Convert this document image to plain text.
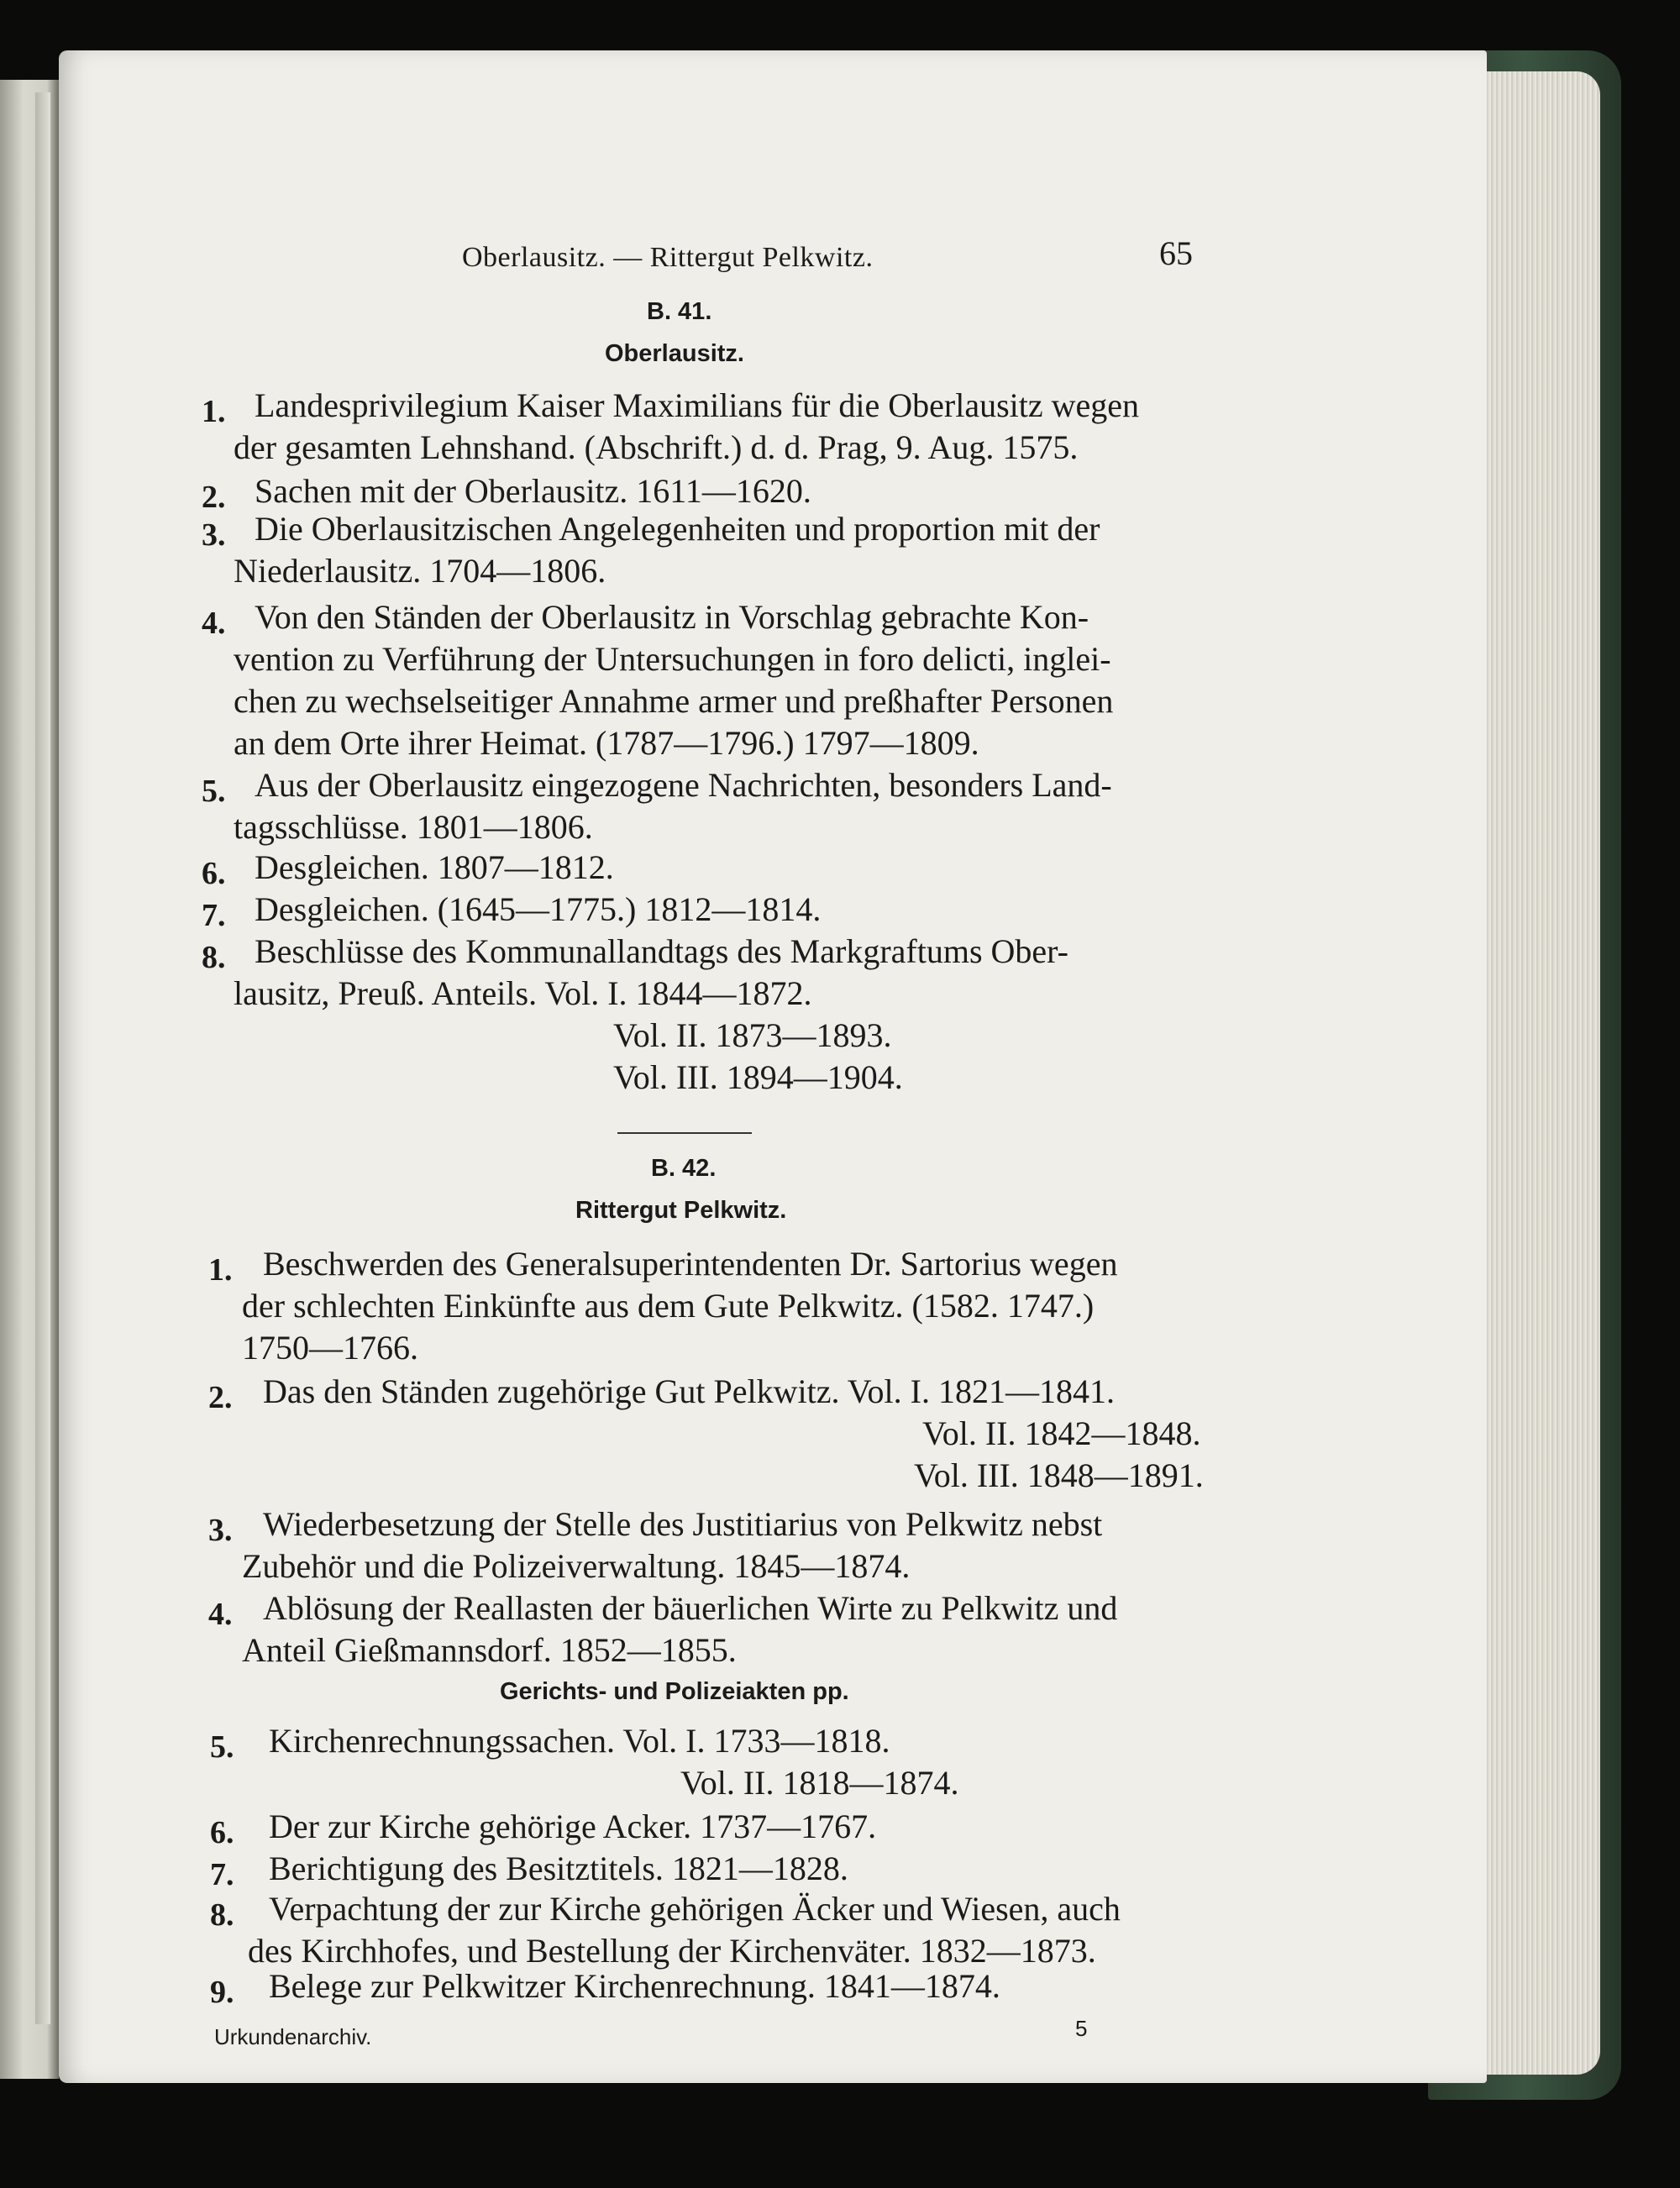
Oberlausitz. — Rittergut Pelkwitz.	65
B. 41.
Oberlausitz.
1. Landesprivilegium Kaiser Maximilians für die Oberlausitz wegen
der gesamten Lehnshand. (Abschrift.) d. d. Prag, 9. Aug. 1575.
2. Sachen mit der Oberlausitz. 1611—1620.
3. Die Oberlausitzischen Angelegenheiten und proportion mit der
Niederlausitz. 1704—1806.
4. Von den Ständen der Oberlausitz in Vorschlag gebrachte Kon-
vention zu Verführung der Untersuchungen in foro delicti, inglei-
chen zu wechselseitiger Annahme armer und preßhafter Personen
an dem Orte ihrer Heimat. (1787—1796.) 1797—1809.
5. Aus der Oberlausitz eingezogene Nachrichten, besonders Land-
tagsschlüsse. 1801—1806.
6. Desgleichen. 1807—1812.
7. Desgleichen. (1645—1775.) 1812—1814.
8. Beschlüsse des Kommunallandtags des Markgraftums Ober-
lausitz, Preuß. Anteils. Vol. I. 1844—1872.
Vol. II. 1873—1893.
Vol. III. 1894—1904.
B. 42.
Rittergut Pelkwitz.
1. Beschwerden des Generalsuperintendenten Dr. Sartorius wegen
der schlechten Einkünfte aus dem Gute Pelkwitz. (1582. 1747.)
1750—1766.
2. Das den Ständen zugehörige Gut Pelkwitz. Vol. I. 1821—1841.
Vol. II. 1842—1848.
Vol. III. 1848—1891.
3. Wiederbesetzung der Stelle des Justitiarius von Pelkwitz nebst
Zubehör und die Polizeiverwaltung. 1845—1874.
4. Ablösung der Reallasten der bäuerlichen Wirte zu Pelkwitz und
Anteil Gießmannsdorf. 1852—1855.
Gerichts- und Polizeiakten pp.
5. Kirchenrechnungssachen. Vol. I. 1733—1818.
Vol. II. 1818—1874.
6. Der zur Kirche gehörige Acker. 1737—1767.
7. Berichtigung des Besitztitels. 1821—1828.
8. Verpachtung der zur Kirche gehörigen Äcker und Wiesen, auch
des Kirchhofes, und Bestellung der Kirchenväter. 1832—1873.
9. Belege zur Pelkwitzer Kirchenrechnung. 1841—1874.
Urkundenarchiv.	5
